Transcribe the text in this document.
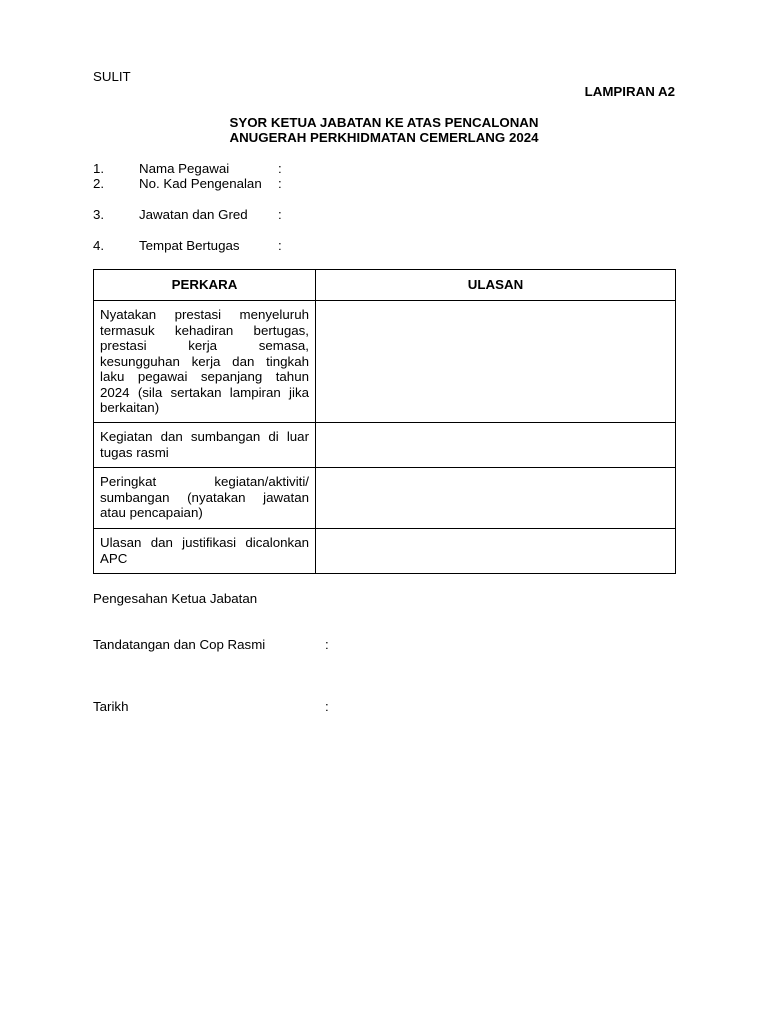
SULIT
LAMPIRAN A2
SYOR KETUA JABATAN KE ATAS PENCALONAN
ANUGERAH PERKHIDMATAN CEMERLANG 2024
1.	Nama Pegawai	:
2.	No. Kad Pengenalan :
3.	Jawatan dan Gred :
4.	Tempat Bertugas	:
PERKARA	ULASAN

Nyatakan prestasi menyeluruh termasuk kehadiran bertugas, prestasi kerja semasa, kesungguhan kerja dan tingkah laku pegawai sepanjang tahun 2024 (sila sertakan lampiran jika berkaitan)	

Kegiatan dan sumbangan di luar tugas rasmi	

Peringkat kegiatan/aktiviti/ sumbangan (nyatakan jawatan atau pencapaian)	

Ulasan dan justifikasi dicalonkan APC	

Pengesahan Ketua Jabatan
Tandatangan dan Cop Rasmi	:
Tarikh	:
